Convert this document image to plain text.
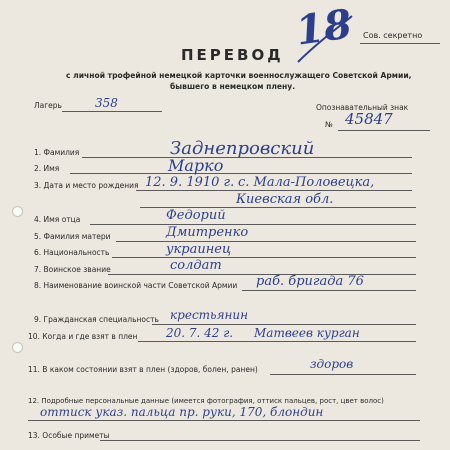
Сов. секретно
18
ПЕРЕВОД
с личной трофейной немецкой карточки военнослужащего Советской Армии,
бывшего в немецком плену.
Лагерь	358	Опознавательный знак
№ 45847
1. Фамилия	Заднепровский
2. Имя	Марко
3. Дата и место рождения 12. 9. 1910 г. с. Мала-Половецка,
Киевская обл.
4. Имя отца	Федорий
5. Фамилия матери	Дмитренко
6. Национальность	украинец
7. Воинское звание	солдат
8. Наименование воинской части Советской Армии раб. бригада 76
9. Гражданская специальность крестьянин
10. Когда и где взят в плен 20. 7. 42 г. Матвеев курган
11. В каком состоянии взят в плен (здоров, болен, ранен)	здоров
12. Подробные персональные данные (имеется фотография, оттиск пальцев, рост, цвет волос)
оттиск указ. пальца пр. руки, 170, блондин
13. Особые приметы
